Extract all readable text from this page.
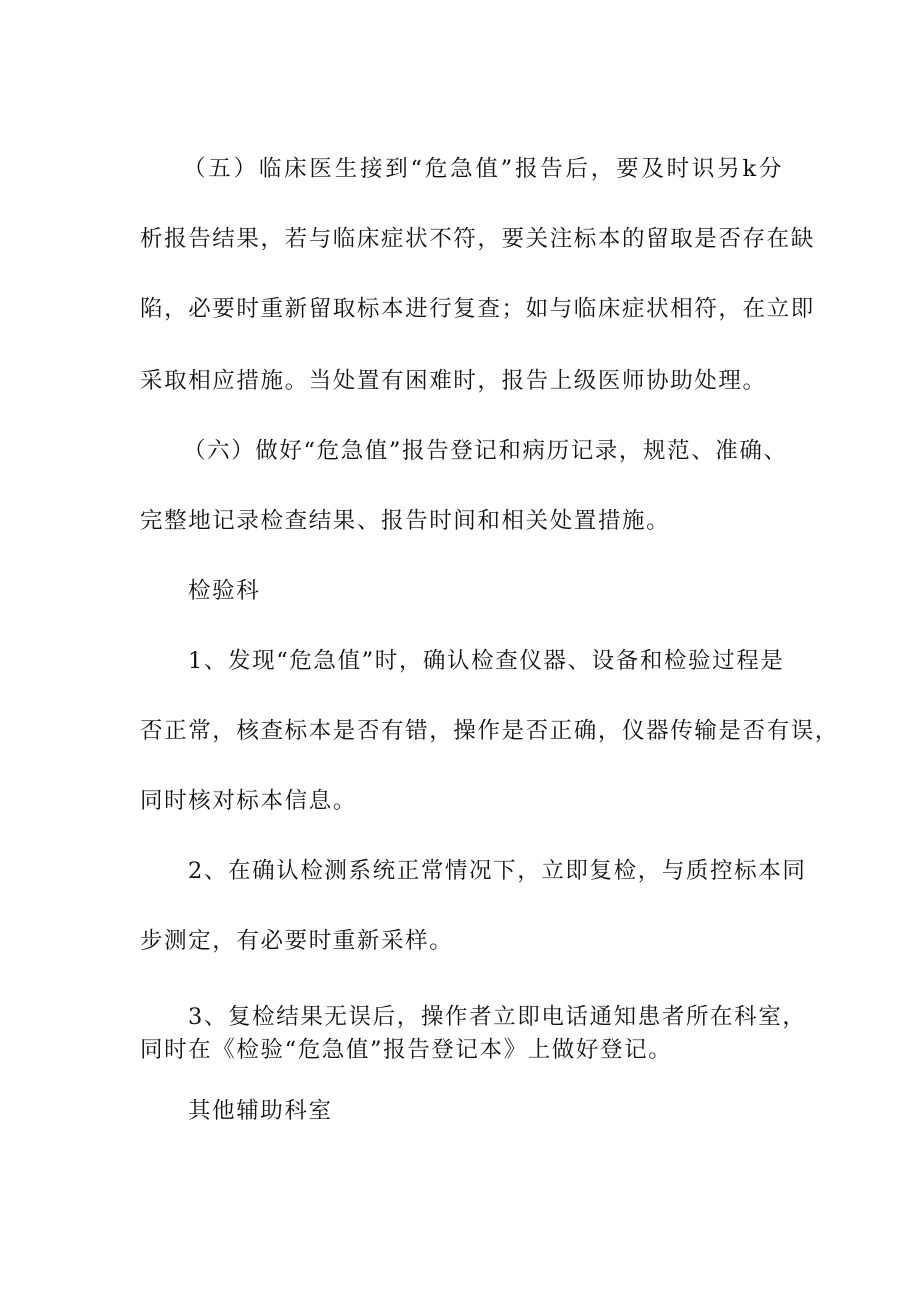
（五）临床医生接到“危急值”报告后，要及时识另k分
析报告结果，若与临床症状不符，要关注标本的留取是否存在缺
陷，必要时重新留取标本进行复查；如与临床症状相符，在立即
采取相应措施。当处置有困难时，报告上级医师协助处理。
（六）做好“危急值”报告登记和病历记录，规范、准确、
完整地记录检查结果、报告时间和相关处置措施。
检验科
1、发现“危急值”时，确认检查仪器、设备和检验过程是
否正常，核查标本是否有错，操作是否正确，仪器传输是否有误，
同时核对标本信息。
2、在确认检测系统正常情况下，立即复检，与质控标本同
步测定，有必要时重新采样。
3、复检结果无误后，操作者立即电话通知患者所在科室，
同时在《检验“危急值”报告登记本》上做好登记。
其他辅助科室
